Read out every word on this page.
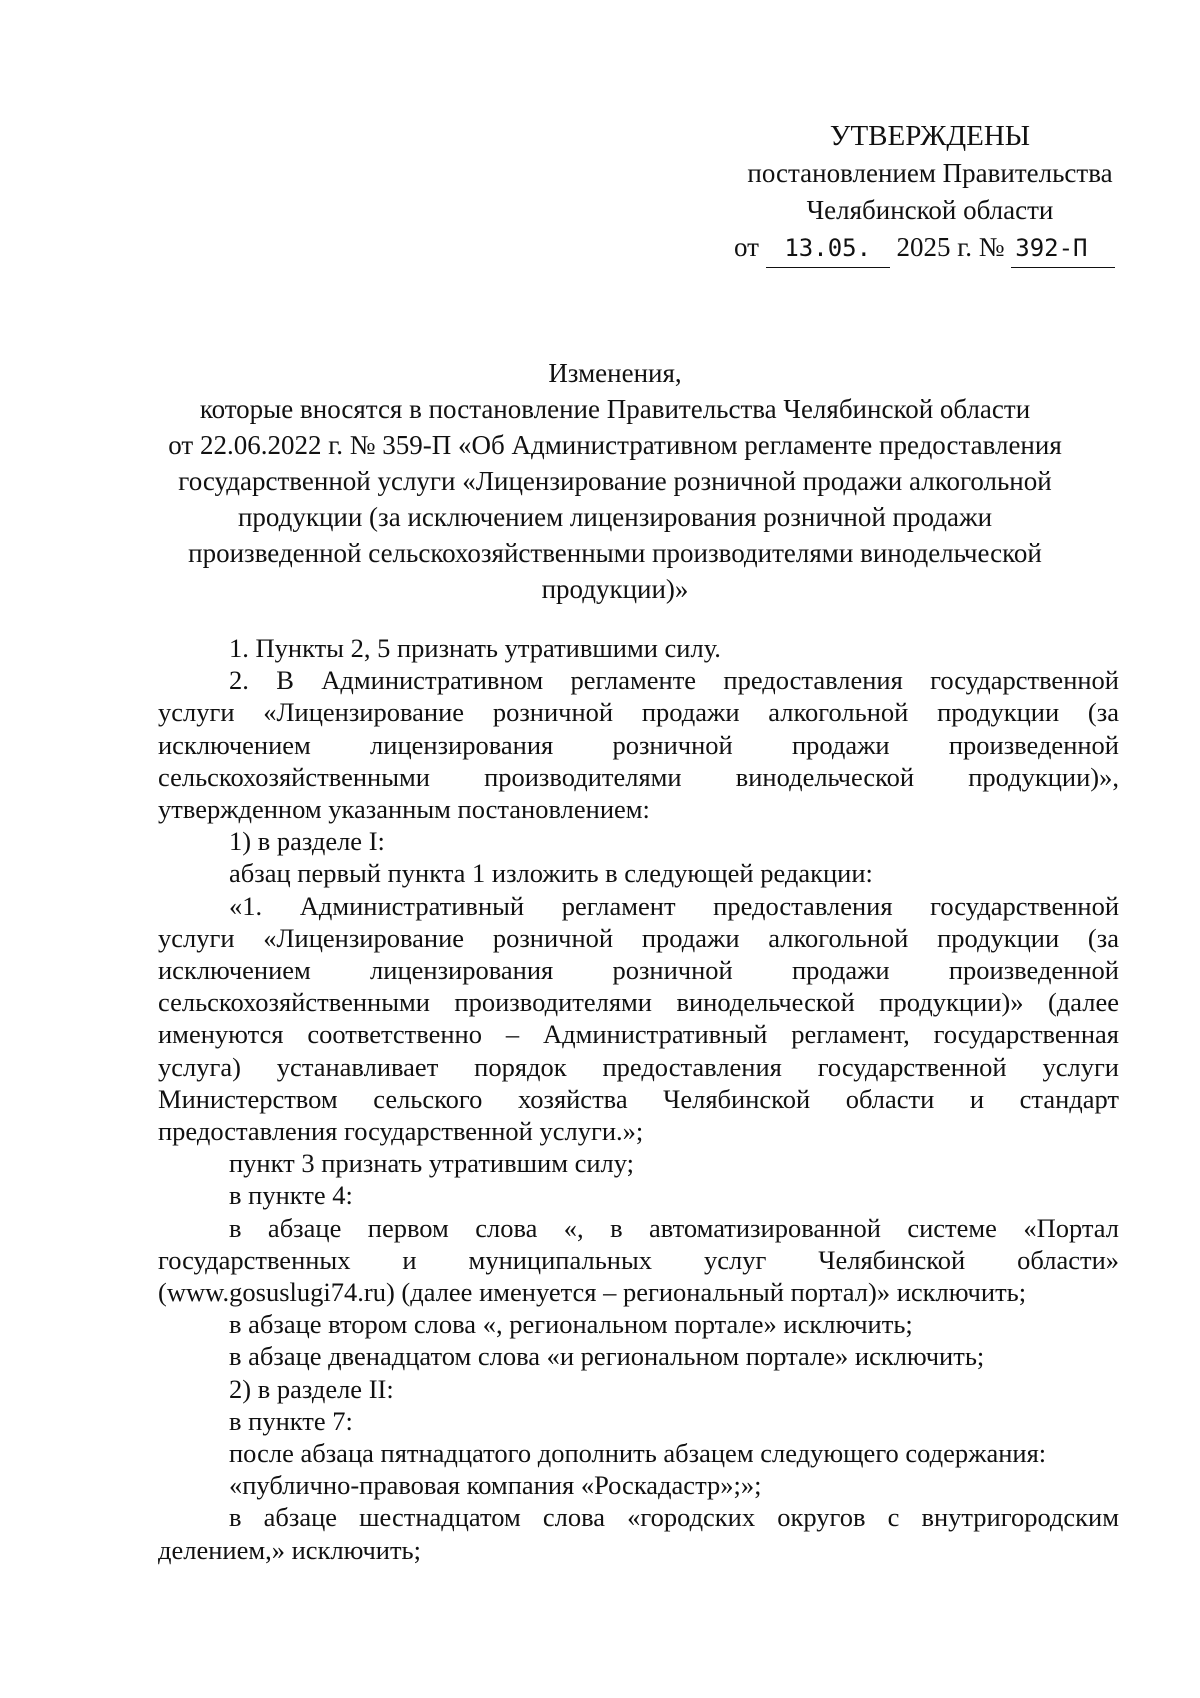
УТВЕРЖДЕНЫ
постановлением Правительства
Челябинской области
от 13.05. 2025 г. № 392-П
Изменения,
которые вносятся в постановление Правительства Челябинской области
от 22.06.2022 г. № 359-П «Об Административном регламенте предоставления
государственной услуги «Лицензирование розничной продажи алкогольной
продукции (за исключением лицензирования розничной продажи
произведенной сельскохозяйственными производителями винодельческой
продукции)»

1. Пункты 2, 5 признать утратившими силу.

2. В Административном регламенте предоставления государственной

услуги «Лицензирование розничной продажи алкогольной продукции (за

исключением лицензирования розничной продажи произведенной

сельскохозяйственными производителями винодельческой продукции)»,

утвержденном указанным постановлением:

1) в разделе I:

абзац первый пункта 1 изложить в следующей редакции:

«1. Административный регламент предоставления государственной

услуги «Лицензирование розничной продажи алкогольной продукции (за

исключением лицензирования розничной продажи произведенной

сельскохозяйственными производителями винодельческой продукции)» (далее

именуются соответственно – Административный регламент, государственная

услуга) устанавливает порядок предоставления государственной услуги

Министерством сельского хозяйства Челябинской области и стандарт

предоставления государственной услуги.»;

пункт 3 признать утратившим силу;

в пункте 4:

в абзаце первом слова «, в автоматизированной системе «Портал

государственных и муниципальных услуг Челябинской области»

(www.gosuslugi74.ru) (далее именуется – региональный портал)» исключить;

в абзаце втором слова «, региональном портале» исключить;

в абзаце двенадцатом слова «и региональном портале» исключить;

2) в разделе II:

в пункте 7:

после абзаца пятнадцатого дополнить абзацем следующего содержания:

«публично-правовая компания «Роскадастр»;»;

в абзаце шестнадцатом слова «городских округов с внутригородским

делением,» исключить;
